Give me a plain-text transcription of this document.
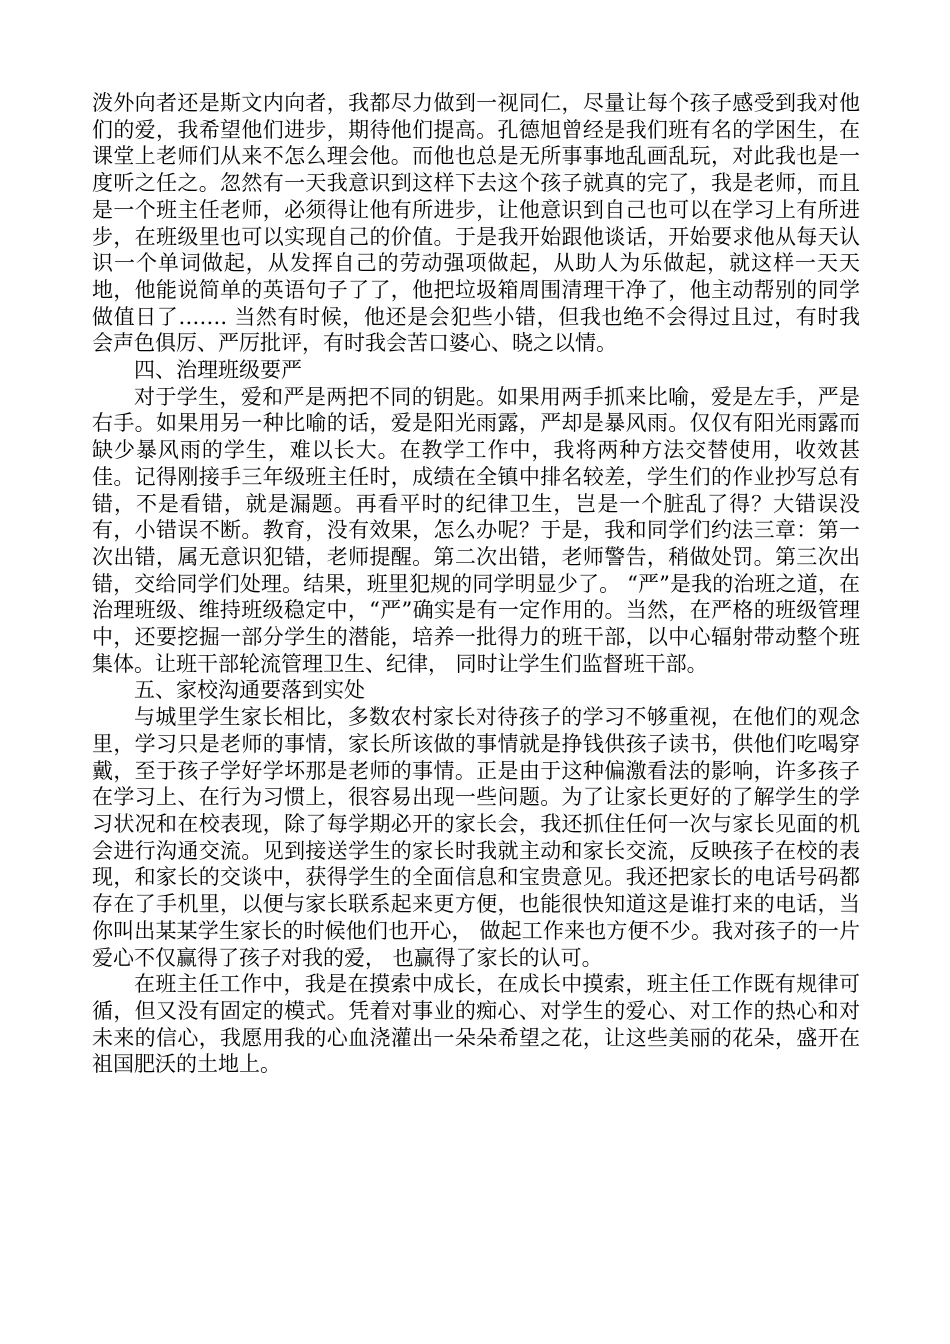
泼外向者还是斯文内向者，我都尽力做到一视同仁，尽量让每个孩子感受到我对他们的爱，我希望他们进步，期待他们提高。孔德旭曾经是我们班有名的学困生，在课堂上老师们从来不怎么理会他。而他也总是无所事事地乱画乱玩，对此我也是一度听之任之。忽然有一天我意识到这样下去这个孩子就真的完了，我是老师，而且是一个班主任老师，必须得让他有所进步，让他意识到自己也可以在学习上有所进步，在班级里也可以实现自己的价值。于是我开始跟他谈话，开始要求他从每天认识一个单词做起，从发挥自己的劳动强项做起，从助人为乐做起，就这样一天天地，他能说简单的英语句子了了，他把垃圾箱周围清理干净了，他主动帮别的同学做值日了……. 当然有时候，他还是会犯些小错，但我也绝不会得过且过，有时我会声色俱厉、严厉批评，有时我会苦口婆心、晓之以情。

四、治理班级要严

对于学生，爱和严是两把不同的钥匙。如果用两手抓来比喻，爱是左手，严是右手。如果用另一种比喻的话，爱是阳光雨露，严却是暴风雨。仅仅有阳光雨露而缺少暴风雨的学生，难以长大。在教学工作中，我将两种方法交替使用，收效甚佳。记得刚接手三年级班主任时，成绩在全镇中排名较差，学生们的作业抄写总有错，不是看错，就是漏题。再看平时的纪律卫生，岂是一个脏乱了得？大错误没有，小错误不断。教育，没有效果，怎么办呢？于是，我和同学们约法三章：第一次出错，属无意识犯错，老师提醒。第二次出错，老师警告，稍做处罚。第三次出错，交给同学们处理。结果，班里犯规的同学明显少了。 “严”是我的治班之道，在治理班级、维持班级稳定中，“严”确实是有一定作用的。当然，在严格的班级管理中，还要挖掘一部分学生的潜能，培养一批得力的班干部，以中心辐射带动整个班集体。让班干部轮流管理卫生、纪律， 同时让学生们监督班干部。

五、家校沟通要落到实处

与城里学生家长相比，多数农村家长对待孩子的学习不够重视，在他们的观念里，学习只是老师的事情，家长所该做的事情就是挣钱供孩子读书，供他们吃喝穿戴，至于孩子学好学坏那是老师的事情。正是由于这种偏激看法的影响，许多孩子在学习上、在行为习惯上，很容易出现一些问题。为了让家长更好的了解学生的学习状况和在校表现，除了每学期必开的家长会，我还抓住任何一次与家长见面的机会进行沟通交流。见到接送学生的家长时我就主动和家长交流，反映孩子在校的表现，和家长的交谈中，获得学生的全面信息和宝贵意见。我还把家长的电话号码都存在了手机里，以便与家长联系起来更方便，也能很快知道这是谁打来的电话，当你叫出某某学生家长的时候他们也开心， 做起工作来也方便不少。我对孩子的一片爱心不仅赢得了孩子对我的爱， 也赢得了家长的认可。

在班主任工作中，我是在摸索中成长，在成长中摸索，班主任工作既有规律可循，但又没有固定的模式。凭着对事业的痴心、对学生的爱心、对工作的热心和对未来的信心，我愿用我的心血浇灌出一朵朵希望之花，让这些美丽的花朵，盛开在祖国肥沃的土地上。
